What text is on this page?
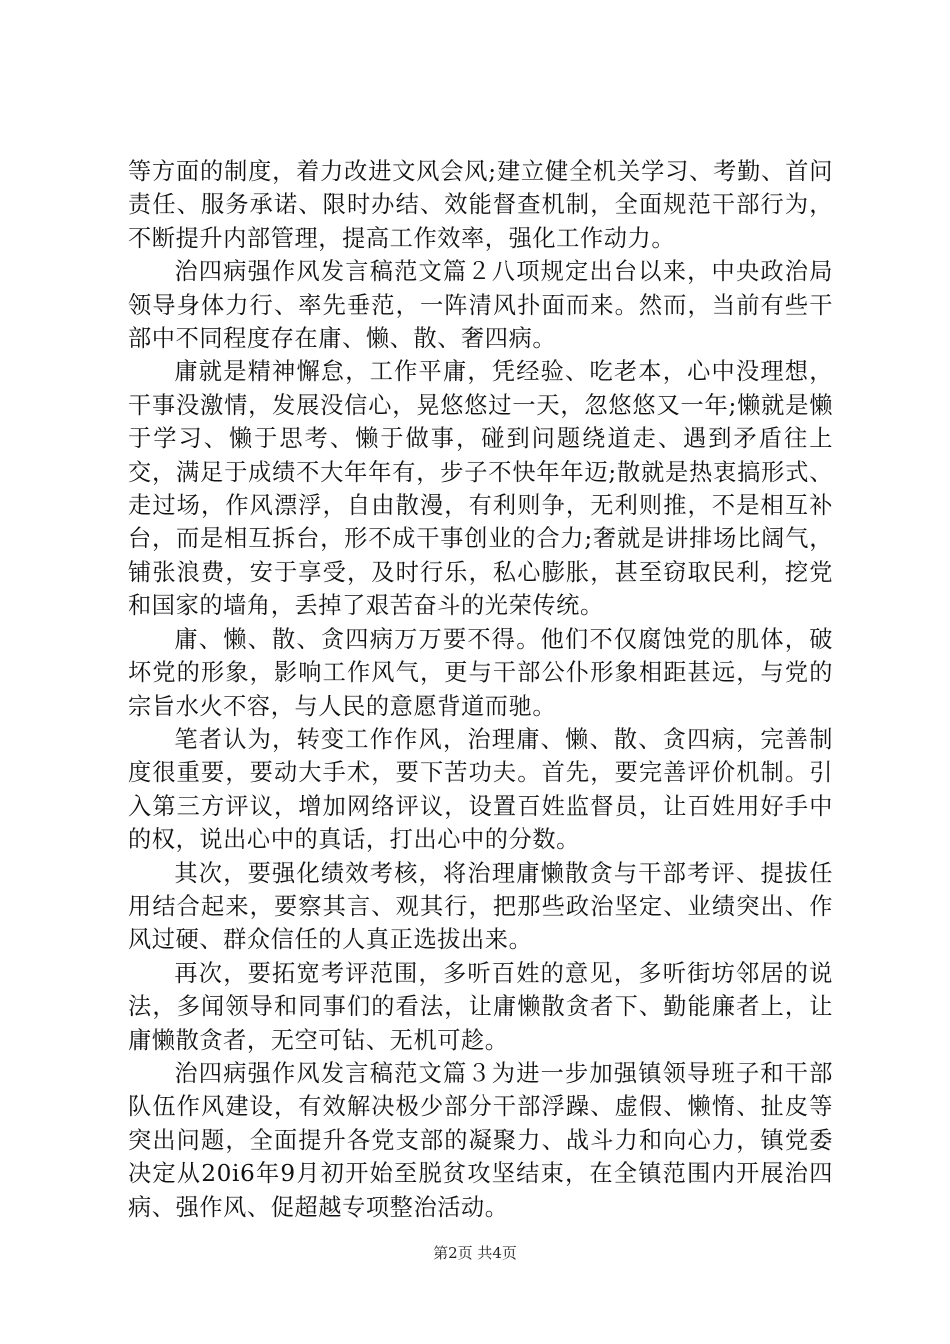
等方面的制度，着力改进文风会风;建立健全机关学习、考勤、首问责任、服务承诺、限时办结、效能督查机制，全面规范干部行为，不断提升内部管理，提高工作效率，强化工作动力。

治四病强作风发言稿范文篇２八项规定出台以来，中央政治局领导身体力行、率先垂范，一阵清风扑面而来。然而，当前有些干部中不同程度存在庸、懒、散、奢四病。

庸就是精神懈怠，工作平庸，凭经验、吃老本，心中没理想，干事没激情，发展没信心，晃悠悠过一天，忽悠悠又一年;懒就是懒于学习、懒于思考、懒于做事，碰到问题绕道走、遇到矛盾往上交，满足于成绩不大年年有，步子不快年年迈;散就是热衷搞形式、走过场，作风漂浮，自由散漫，有利则争，无利则推，不是相互补台，而是相互拆台，形不成干事创业的合力;奢就是讲排场比阔气，铺张浪费，安于享受，及时行乐，私心膨胀，甚至窃取民利，挖党和国家的墙角，丢掉了艰苦奋斗的光荣传统。

庸、懒、散、贪四病万万要不得。他们不仅腐蚀党的肌体，破坏党的形象，影响工作风气，更与干部公仆形象相距甚远，与党的宗旨水火不容，与人民的意愿背道而驰。

笔者认为，转变工作作风，治理庸、懒、散、贪四病，完善制度很重要，要动大手术，要下苦功夫。首先，要完善评价机制。引入第三方评议，增加网络评议，设置百姓监督员，让百姓用好手中的权，说出心中的真话，打出心中的分数。

其次，要强化绩效考核，将治理庸懒散贪与干部考评、提拔任用结合起来，要察其言、观其行，把那些政治坚定、业绩突出、作风过硬、群众信任的人真正选拔出来。

再次，要拓宽考评范围，多听百姓的意见，多听街坊邻居的说法，多闻领导和同事们的看法，让庸懒散贪者下、勤能廉者上，让庸懒散贪者，无空可钻、无机可趁。

治四病强作风发言稿范文篇３为进一步加强镇领导班子和干部队伍作风建设，有效解决极少部分干部浮躁、虚假、懒惰、扯皮等突出问题，全面提升各党支部的凝聚力、战斗力和向心力，镇党委决定从20i6年9月初开始至脱贫攻坚结束，在全镇范围内开展治四病、强作风、促超越专项整治活动。

第2页 共4页
